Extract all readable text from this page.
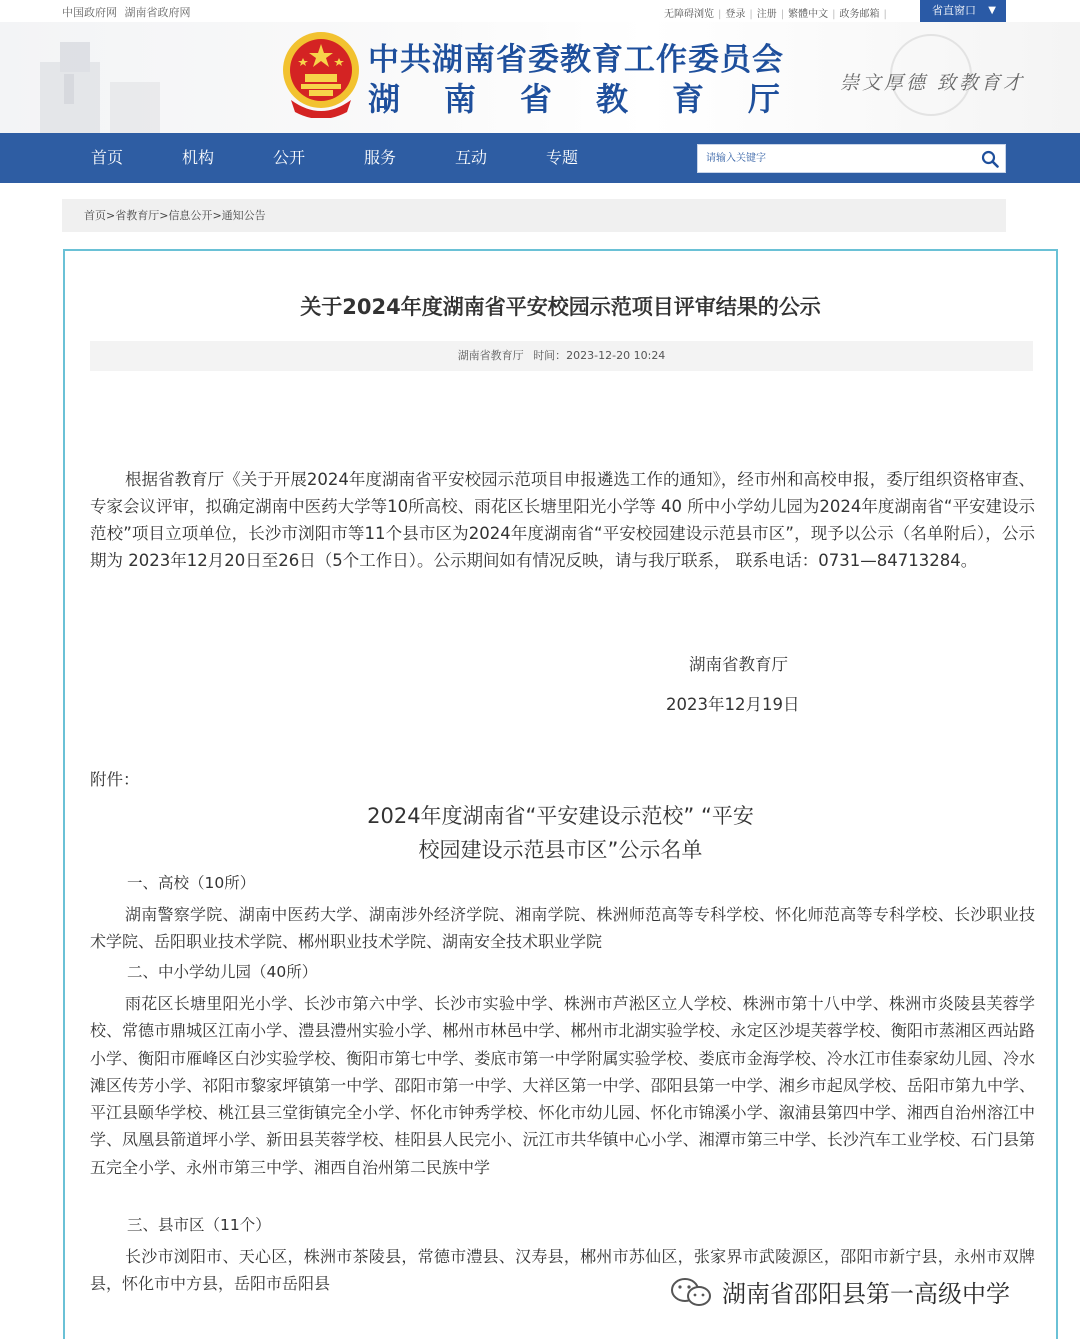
中国政府网 湖南省政府网	无障碍浏览 | 登录 | 注册 | 繁體中文 | 政务邮箱 |	省直窗口 ▼
中共湖南省委教育工作委员会
湖南省教育厅 崇文厚德 致教育才
首页	机构	公开	服务	互动	专题
请输入关键字
首页>省教育厅>信息公开>通知公告
关于2024年度湖南省平安校园示范项目评审结果的公示
湖南省教育厅 时间：2023-12-20 10:24
根据省教育厅《关于开展2024年度湖南省平安校园示范项目申报遴选工作的通知》，经市州和高校申报，委厅组织资格审查、专家会议评审，拟确定湖南中医药大学等10所高校、雨花区长塘里阳光小学等 40 所中小学幼儿园为2024年度湖南省“平安建设示范校”项目立项单位，长沙市浏阳市等11个县市区为2024年度湖南省“平安校园建设示范县市区”，现予以公示（名单附后），公示期为 2023年12月20日至26日（5个工作日）。公示期间如有情况反映，请与我厅联系， 联系电话：0731—84713284。
湖南省教育厅
2023年12月19日
附件：
2024年度湖南省“平安建设示范校” “平安
校园建设示范县市区”公示名单
一、高校（10所）
湖南警察学院、湖南中医药大学、湖南涉外经济学院、湘南学院、株洲师范高等专科学校、怀化师范高等专科学校、长沙职业技术学院、岳阳职业技术学院、郴州职业技术学院、湖南安全技术职业学院
二、中小学幼儿园（40所）
雨花区长塘里阳光小学、长沙市第六中学、长沙市实验中学、株洲市芦淞区立人学校、株洲市第十八中学、株洲市炎陵县芙蓉学校、常德市鼎城区江南小学、澧县澧州实验小学、郴州市林邑中学、郴州市北湖实验学校、永定区沙堤芙蓉学校、衡阳市蒸湘区西站路小学、衡阳市雁峰区白沙实验学校、衡阳市第七中学、娄底市第一中学附属实验学校、娄底市金海学校、冷水江市佳泰家幼儿园、冷水滩区传芳小学、祁阳市黎家坪镇第一中学、邵阳市第一中学、大祥区第一中学、邵阳县第一中学、湘乡市起凤学校、岳阳市第九中学、平江县颐华学校、桃江县三堂街镇完全小学、怀化市钟秀学校、怀化市幼儿园、怀化市锦溪小学、溆浦县第四中学、湘西自治州溶江中学、凤凰县箭道坪小学、新田县芙蓉学校、桂阳县人民完小、沅江市共华镇中心小学、湘潭市第三中学、长沙汽车工业学校、石门县第五完全小学、永州市第三中学、湘西自治州第二民族中学
三、县市区（11个）
长沙市浏阳市、天心区，株洲市茶陵县，常德市澧县、汉寿县，郴州市苏仙区，张家界市武陵源区，邵阳市新宁县，永州市双牌县，怀化市中方县，岳阳市岳阳县	湖南省邵阳县第一高级中学
